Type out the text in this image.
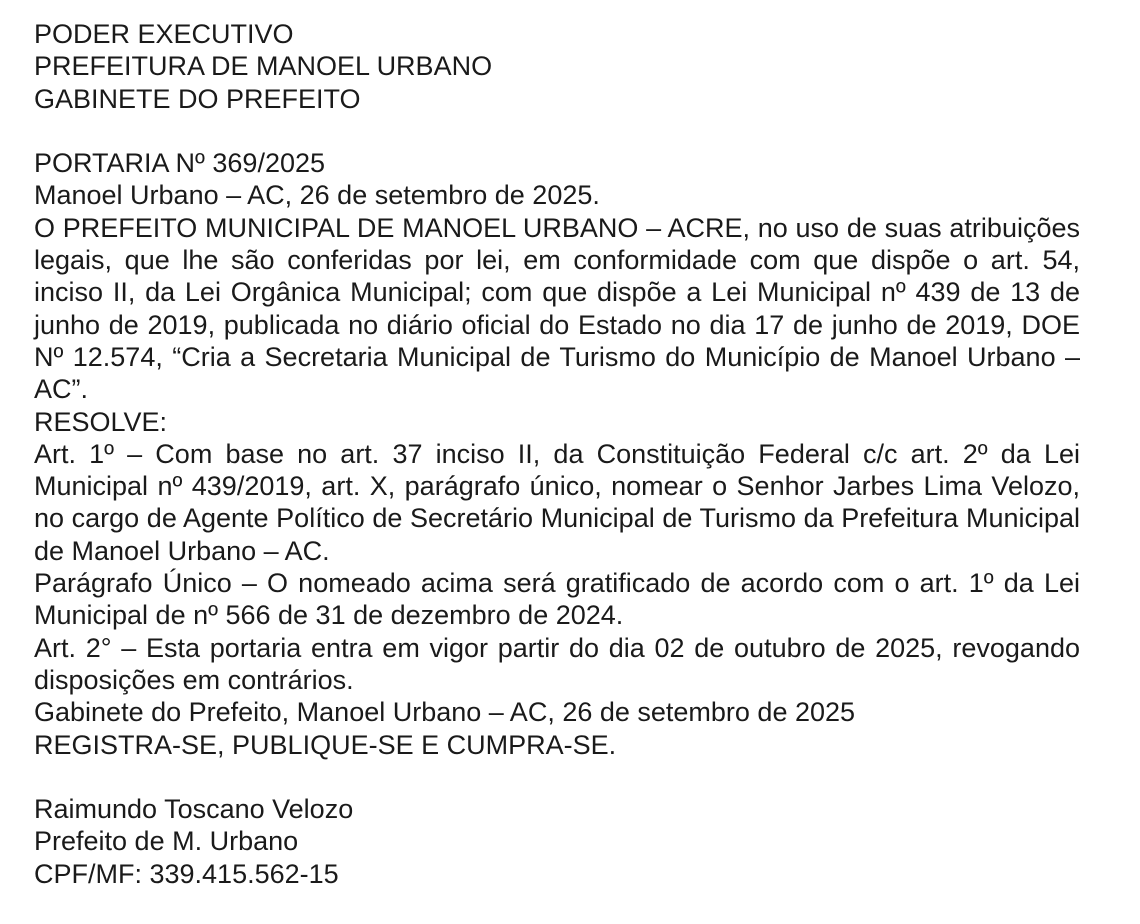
PODER EXECUTIVO
PREFEITURA DE MANOEL URBANO
GABINETE DO PREFEITO
PORTARIA Nº 369/2025
Manoel Urbano – AC, 26 de setembro de 2025.
O PREFEITO MUNICIPAL DE MANOEL URBANO – ACRE, no uso de suas atribuições legais, que lhe são conferidas por lei, em conformidade com que dispõe o art. 54, inciso II, da Lei Orgânica Municipal; com que dispõe a Lei Municipal nº 439 de 13 de junho de 2019, publicada no diário oficial do Estado no dia 17 de junho de 2019, DOE Nº 12.574, “Cria a Secretaria Municipal de Turismo do Município de Manoel Urbano – AC”.
RESOLVE:
Art. 1º – Com base no art. 37 inciso II, da Constituição Federal c/c art. 2º da Lei Municipal nº 439/2019, art. X, parágrafo único, nomear o Senhor Jarbes Lima Velozo, no cargo de Agente Político de Secretário Municipal de Turismo da Prefeitura Municipal de Manoel Urbano – AC.
Parágrafo Único – O nomeado acima será gratificado de acordo com o art. 1º da Lei Municipal de nº 566 de 31 de dezembro de 2024.
Art. 2° – Esta portaria entra em vigor partir do dia 02 de outubro de 2025, revogando disposições em contrários.
Gabinete do Prefeito, Manoel Urbano – AC, 26 de setembro de 2025
REGISTRA-SE, PUBLIQUE-SE E CUMPRA-SE.
Raimundo Toscano Velozo
Prefeito de M. Urbano
CPF/MF: 339.415.562-15
